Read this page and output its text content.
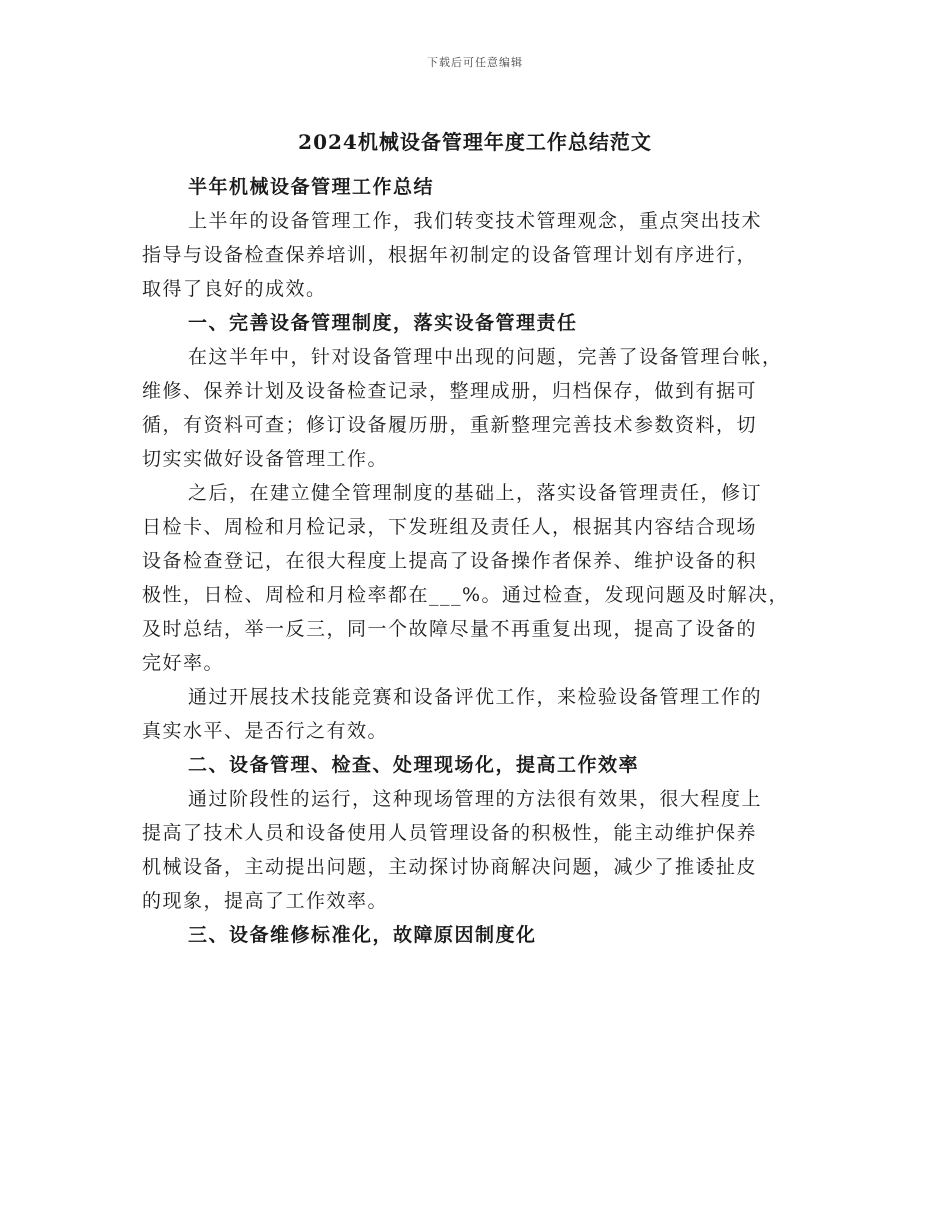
下载后可任意编辑
2024机械设备管理年度工作总结范文
半年机械设备管理工作总结
上半年的设备管理工作，我们转变技术管理观念，重点突出技术
指导与设备检查保养培训，根据年初制定的设备管理计划有序进行，
取得了良好的成效。
一、完善设备管理制度，落实设备管理责任
在这半年中，针对设备管理中出现的问题，完善了设备管理台帐，
维修、保养计划及设备检查记录，整理成册，归档保存，做到有据可
循，有资料可查；修订设备履历册，重新整理完善技术参数资料，切
切实实做好设备管理工作。
之后，在建立健全管理制度的基础上，落实设备管理责任，修订
日检卡、周检和月检记录，下发班组及责任人，根据其内容结合现场
设备检查登记，在很大程度上提高了设备操作者保养、维护设备的积
极性，日检、周检和月检率都在___%。通过检查，发现问题及时解决，
及时总结，举一反三，同一个故障尽量不再重复出现，提高了设备的
完好率。
通过开展技术技能竞赛和设备评优工作，来检验设备管理工作的
真实水平、是否行之有效。
二、设备管理、检查、处理现场化，提高工作效率
通过阶段性的运行，这种现场管理的方法很有效果，很大程度上
提高了技术人员和设备使用人员管理设备的积极性，能主动维护保养
机械设备，主动提出问题，主动探讨协商解决问题，减少了推诿扯皮
的现象，提高了工作效率。
三、设备维修标准化，故障原因制度化
